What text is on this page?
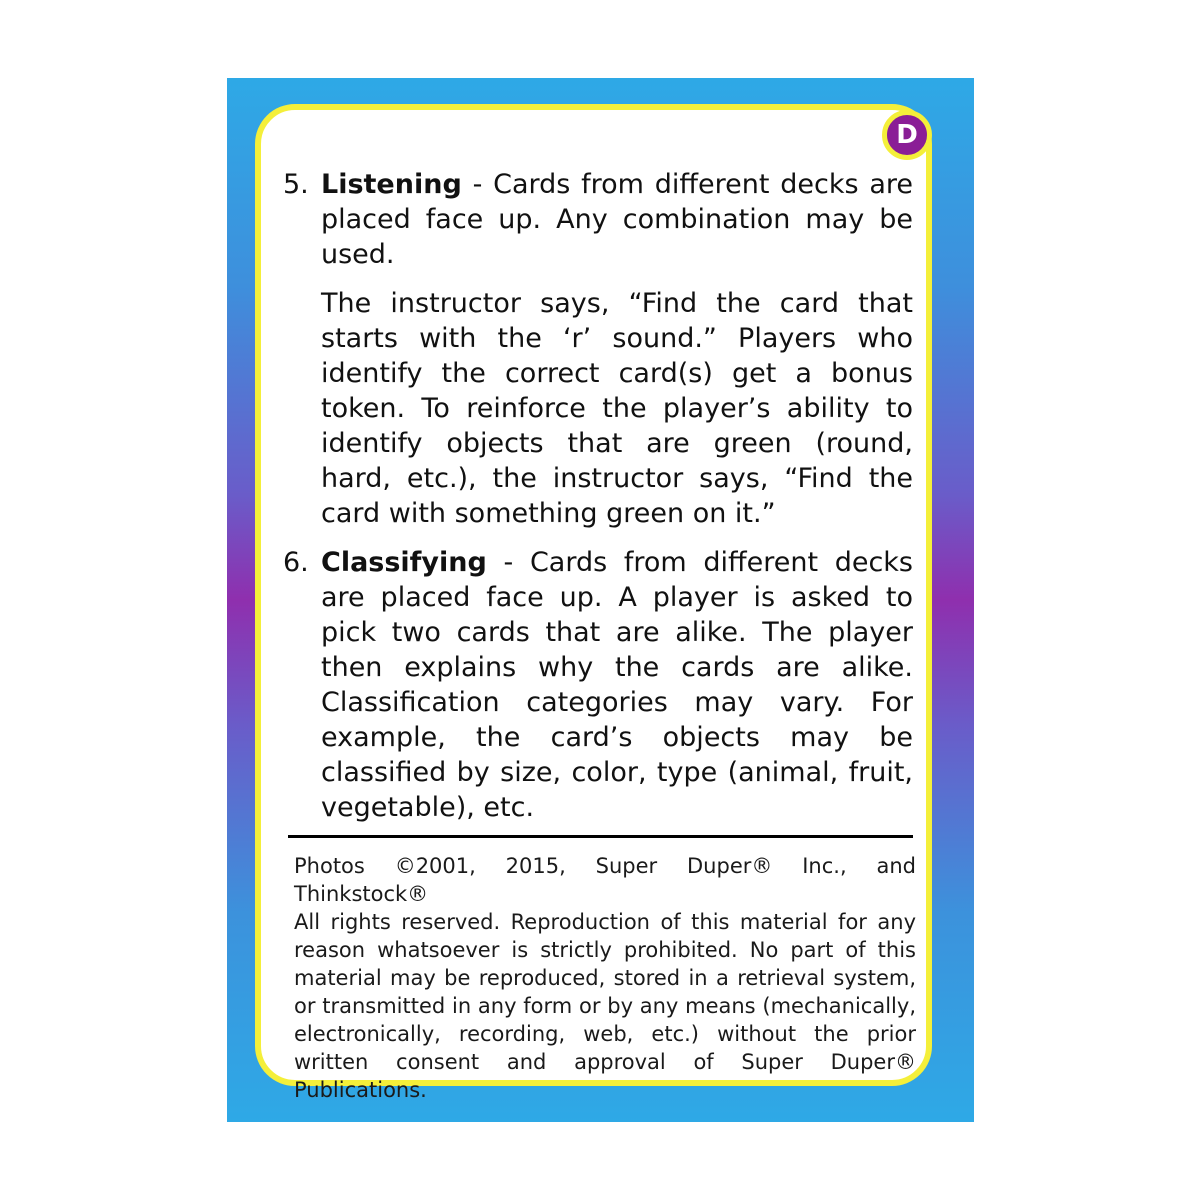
D
5. Listening - Cards from different decks are placed face up. Any combination may be used.

The instructor says, “Find the card that starts with the ‘r’ sound.” Players who identify the correct card(s) get a bonus token. To reinforce the player’s ability to identify objects that are green (round, hard, etc.), the instructor says, “Find the card with something green on it.”

6. Classifying - Cards from different decks are placed face up. A player is asked to pick two cards that are alike. The player then explains why the cards are alike. Classification categories may vary. For example, the card’s objects may be classified by size, color, type (animal, fruit, vegetable), etc.

Photos ©2001, 2015, Super Duper® Inc., and Thinkstock®
All rights reserved. Reproduction of this material for any reason whatsoever is strictly prohibited. No part of this material may be reproduced, stored in a retrieval system, or transmitted in any form or by any means (mechanically, electronically, recording, web, etc.) without the prior written consent and approval of Super Duper® Publications.
